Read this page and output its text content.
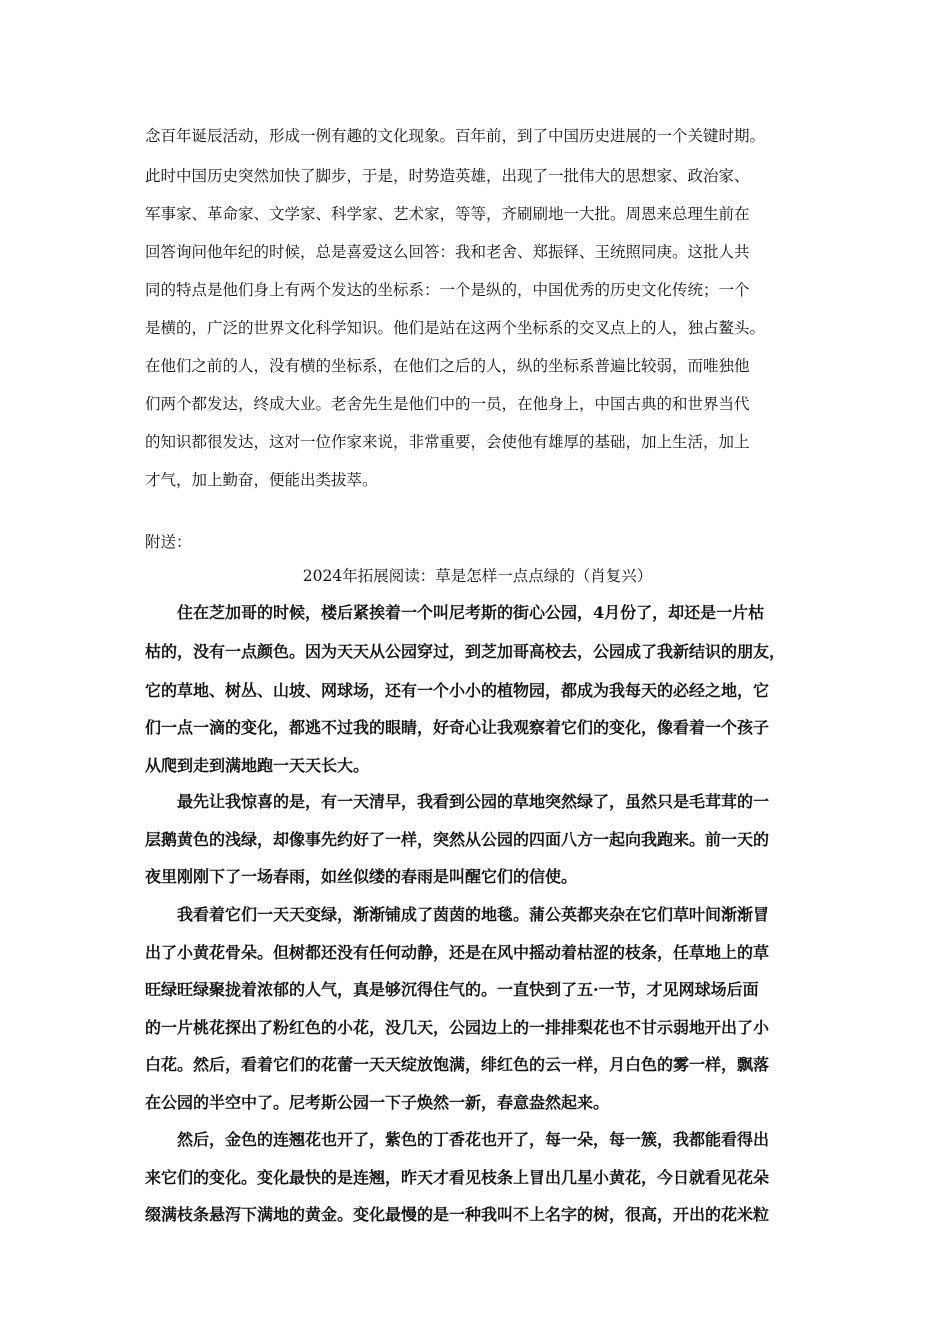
念百年诞辰活动，形成一例有趣的文化现象。百年前，到了中国历史进展的一个关键时期。
此时中国历史突然加快了脚步，于是，时势造英雄，出现了一批伟大的思想家、政治家、
军事家、革命家、文学家、科学家、艺术家，等等，齐刷刷地一大批。周恩来总理生前在
回答询问他年纪的时候，总是喜爱这么回答：我和老舍、郑振铎、王统照同庚。这批人共
同的特点是他们身上有两个发达的坐标系：一个是纵的，中国优秀的历史文化传统；一个
是横的，广泛的世界文化科学知识。他们是站在这两个坐标系的交叉点上的人，独占鳌头。
在他们之前的人，没有横的坐标系，在他们之后的人，纵的坐标系普遍比较弱，而唯独他
们两个都发达，终成大业。老舍先生是他们中的一员，在他身上，中国古典的和世界当代
的知识都很发达，这对一位作家来说，非常重要，会使他有雄厚的基础，加上生活，加上
才气，加上勤奋，便能出类拔萃。
附送：
2024年拓展阅读：草是怎样一点点绿的（肖复兴）
住在芝加哥的时候，楼后紧挨着一个叫尼考斯的街心公园，4月份了，却还是一片枯
枯的，没有一点颜色。因为天天从公园穿过，到芝加哥高校去，公园成了我新结识的朋友，
它的草地、树丛、山坡、网球场，还有一个小小的植物园，都成为我每天的必经之地，它
们一点一滴的变化，都逃不过我的眼睛，好奇心让我观察着它们的变化，像看着一个孩子
从爬到走到满地跑一天天长大。
最先让我惊喜的是，有一天清早，我看到公园的草地突然绿了，虽然只是毛茸茸的一
层鹅黄色的浅绿，却像事先约好了一样，突然从公园的四面八方一起向我跑来。前一天的
夜里刚刚下了一场春雨，如丝似缕的春雨是叫醒它们的信使。
我看着它们一天天变绿，渐渐铺成了茵茵的地毯。蒲公英都夹杂在它们草叶间渐渐冒
出了小黄花骨朵。但树都还没有任何动静，还是在风中摇动着枯涩的枝条，任草地上的草
旺绿旺绿聚拢着浓郁的人气，真是够沉得住气的。一直快到了五·一节，才见网球场后面
的一片桃花探出了粉红色的小花，没几天，公园边上的一排排梨花也不甘示弱地开出了小
白花。然后，看着它们的花蕾一天天绽放饱满，绯红色的云一样，月白色的雾一样，飘落
在公园的半空中了。尼考斯公园一下子焕然一新，春意盎然起来。
然后，金色的连翘花也开了，紫色的丁香花也开了，每一朵，每一簇，我都能看得出
来它们的变化。变化最快的是连翘，昨天才看见枝条上冒出几星小黄花，今日就看见花朵
缀满枝条悬泻下满地的黄金。变化最慢的是一种我叫不上名字的树，很高，开出的花米粒
